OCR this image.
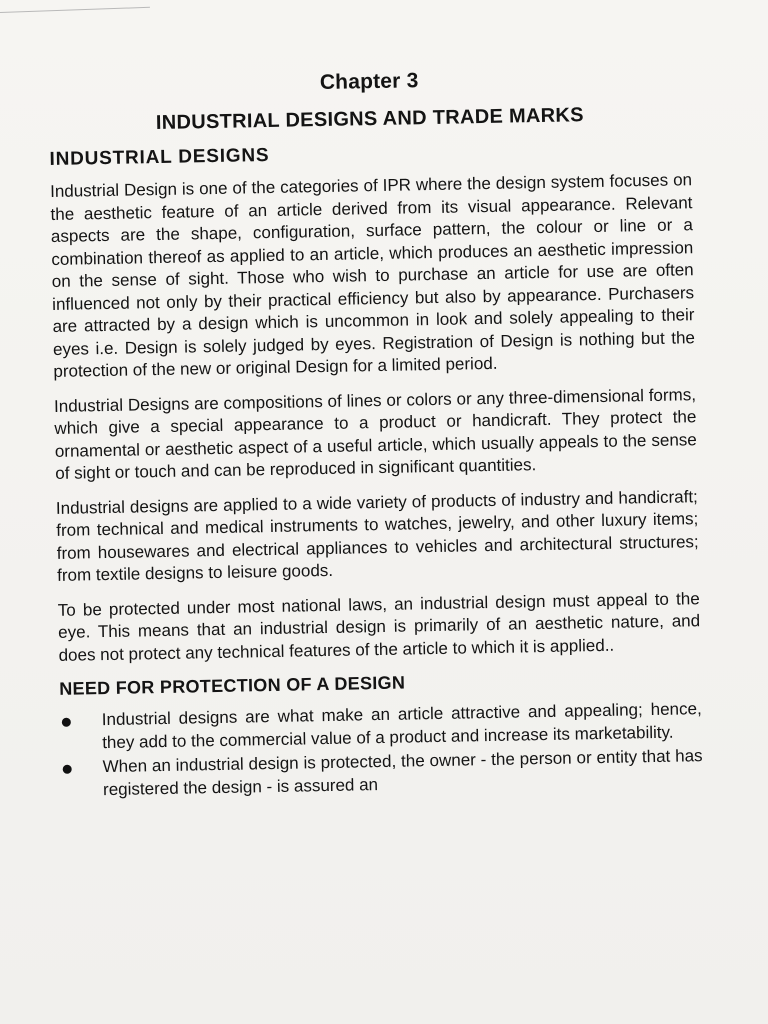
Chapter 3
INDUSTRIAL DESIGNS AND TRADE MARKS
INDUSTRIAL DESIGNS

Industrial Design is one of the categories of IPR where the design system focuses on the aesthetic feature of an article derived from its visual appearance. Relevant aspects are the shape, configuration, surface pattern, the colour or line or a combination thereof as applied to an article, which produces an aesthetic impression on the sense of sight. Those who wish to purchase an article for use are often influenced not only by their practical efficiency but also by appearance. Purchasers are attracted by a design which is uncommon in look and solely appealing to their eyes i.e. Design is solely judged by eyes. Registration of Design is nothing but the protection of the new or original Design for a limited period.

Industrial Designs are compositions of lines or colors or any three-dimensional forms, which give a special appearance to a product or handicraft. They protect the ornamental or aesthetic aspect of a useful article, which usually appeals to the sense of sight or touch and can be reproduced in significant quantities.

Industrial designs are applied to a wide variety of products of industry and handicraft; from technical and medical instruments to watches, jewelry, and other luxury items; from housewares and electrical appliances to vehicles and architectural structures; from textile designs to leisure goods.

To be protected under most national laws, an industrial design must appeal to the eye. This means that an industrial design is primarily of an aesthetic nature, and does not protect any technical features of the article to which it is applied..

NEED FOR PROTECTION OF A DESIGN
Industrial designs are what make an article attractive and appealing; hence, they add to the commercial value of a product and increase its marketability.
When an industrial design is protected, the owner - the person or entity that has registered the design - is assured an
